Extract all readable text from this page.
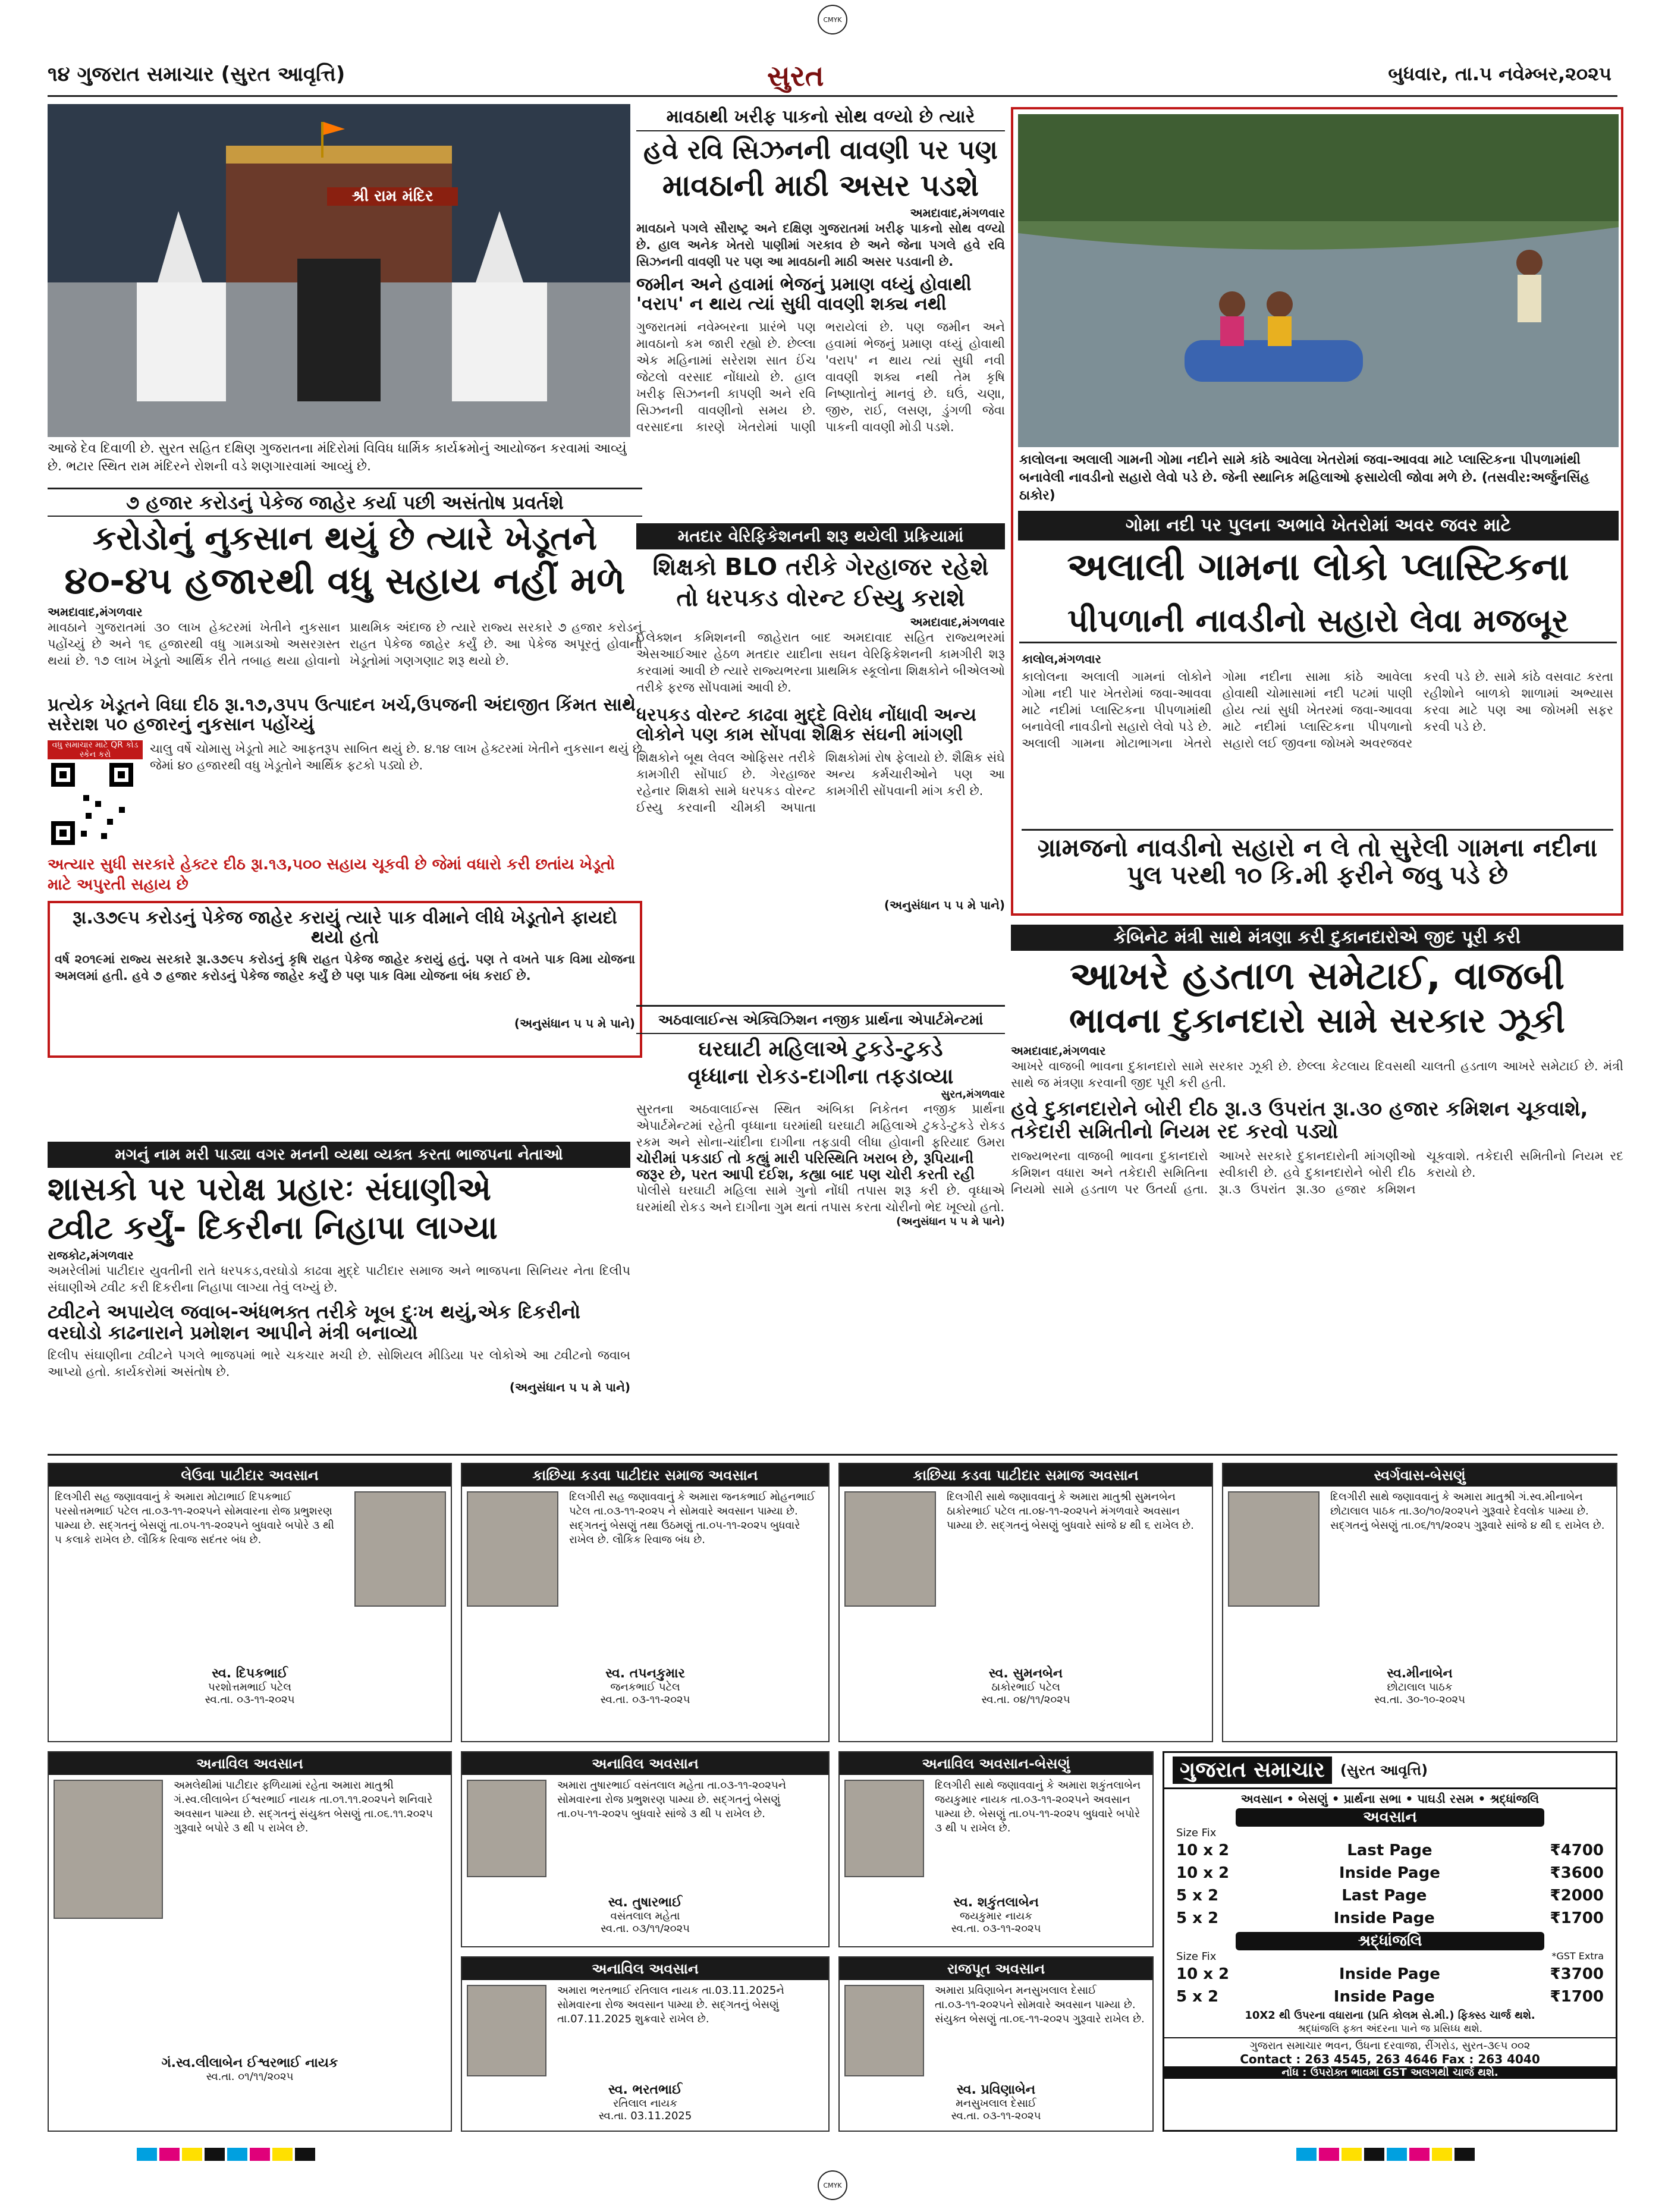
CMYK
૧૪ ગુજરાત સમાચાર (સુરત આવૃત્તિ)	સુરત	બુધવાર, તા.૫ નવેમ્બર,૨૦૨૫
શ્રી રામ મંદિર
આજે દેવ દિવાળી છે. સુરત સહિત દક્ષિણ ગુજરાતના મંદિરોમાં વિવિધ ધાર્મિક કાર્યક્રમોનું આયોજન કરવામાં આવ્યું છે. ભટાર સ્થિત રામ મંદિરને રોશની વડે શણગારવામાં આવ્યું છે.
માવઠાથી ખરીફ પાકનો સોથ વળ્યો છે ત્યારે
હવે રવિ સિઝનની વાવણી પર પણ
માવઠાની માઠી અસર પડશે
અમદાવાદ,મંગળવાર
માવઠાને પગલે સૌરાષ્ટ્ર અને દક્ષિણ ગુજરાતમાં ખરીફ પાકનો સોથ વળ્યો છે. હાલ અનેક ખેતરો પાણીમાં ગરકાવ છે અને જેના પગલે હવે રવિ સિઝનની વાવણી પર પણ આ માવઠાની માઠી અસર પડવાની છે.
જમીન અને હવામાં ભેજનું પ્રમાણ વધ્યું હોવાથી 'વરાપ' ન થાય ત્યાં સુધી વાવણી શક્ય નથી
ગુજરાતમાં નવેમ્બરના પ્રારંભે પણ માવઠાનો કમ જારી રહ્યો છે. છેલ્લા એક મહિનામાં સરેરાશ સાત ઈંચ જેટલો વરસાદ નોંધાયો છે. હાલ ખરીફ સિઝનની કાપણી અને રવિ સિઝનની વાવણીનો સમય છે. વરસાદના કારણે ખેતરોમાં પાણી ભરાયેલાં છે. પણ જમીન અને હવામાં ભેજનું પ્રમાણ વધ્યું હોવાથી 'વરાપ' ન થાય ત્યાં સુધી નવી વાવણી શક્ય નથી તેમ કૃષિ નિષ્ણાતોનું માનવું છે. ઘઉં, ચણા, જીરુ, રાઈ, લસણ, ડુંગળી જેવા પાકની વાવણી મોડી પડશે.
કાલોલના અલાલી ગામની ગોમા નદીને સામે કાંઠે આવેલા ખેતરોમાં જવા-આવવા માટે પ્લાસ્ટિકના પીપળામાંથી બનાવેલી નાવડીનો સહારો લેવો પડે છે. જેની સ્થાનિક મહિલાઓ ફસાયેલી જોવા મળે છે. (તસવીર:અર્જુનસિંહ ઠાકોર)
ગોમા નદી પર પુલના અભાવે ખેતરોમાં અવર જવર માટે
અલાલી ગામના લોકો પ્લાસ્ટિકના
પીપળાની નાવડીનો સહારો લેવા મજબૂર
કાલોલ,મંગળવાર
કાલોલના અલાલી ગામનાં લોકોને ગોમા નદી પાર ખેતરોમાં જવા-આવવા માટે નદીમાં પ્લાસ્ટિકના પીપળામાંથી બનાવેલી નાવડીનો સહારો લેવો પડે છે. અલાલી ગામના મોટાભાગના ખેતરો ગોમા નદીના સામા કાંઠે આવેલા હોવાથી ચોમાસામાં નદી પટમાં પાણી હોય ત્યાં સુધી ખેતરમાં જવા-આવવા માટે નદીમાં પ્લાસ્ટિકના પીપળાનો સહારો લઈ જીવના જોખમે અવરજવર કરવી પડે છે. સામે કાંઠે વસવાટ કરતા રહીશોને બાળકો શાળામાં અભ્યાસ કરવા માટે પણ આ જોખમી સફર કરવી પડે છે.
ગ્રામજનો નાવડીનો સહારો ન લે તો સુરેલી ગામના નદીના પુલ પરથી ૧૦ કિ.મી ફરીને જવુ પડે છે
૭ હજાર કરોડનું પેકેજ જાહેર કર્યા પછી અસંતોષ પ્રવર્તશે
કરોડોનું નુકસાન થયું છે ત્યારે ખેડૂતને
૪૦-૪૫ હજારથી વધુ સહાય નહીં મળે
અમદાવાદ,મંગળવાર
માવઠાને ગુજરાતમાં ૩૦ લાખ હેક્ટરમાં ખેતીને નુકસાન પહોંચ્યું છે અને ૧૬ હજારથી વધુ ગામડાઓ અસરગ્રસ્ત થયાં છે. ૧૭ લાખ ખેડૂતો આર્થિક રીતે તબાહ થયા હોવાનો પ્રાથમિક અંદાજ છે ત્યારે રાજ્ય સરકારે ૭ હજાર કરોડનું રાહત પેકેજ જાહેર કર્યું છે. આ પેકેજ અપૂરતું હોવાનો ખેડૂતોમાં ગણગણાટ શરૂ થયો છે.
પ્રત્યેક ખેડૂતને વિઘા દીઠ રૂા.૧૭,૩૫૫ ઉત્પાદન ખર્ચ,ઉપજની અંદાજીત કિંમત સાથે સરેરાશ ૫૦ હજારનું નુકસાન પહોંચ્યું
વધુ સમાચાર માટે QR કોડ સ્કેન કરો	ચાલુ વર્ષે ચોમાસુ ખેડૂતો માટે આફતરૂપ સાબિત થયું છે. ૪.૧૪ લાખ હેક્ટરમાં ખેતીને નુકસાન થયું છે જેમાં ૪૦ હજારથી વધુ ખેડૂતોને આર્થિક ફટકો પડ્યો છે.
અત્યાર સુધી સરકારે હેક્ટર દીઠ રૂા.૧૩,૫૦૦ સહાય ચૂકવી છે જેમાં વધારો કરી છતાંય ખેડૂતો માટે અપુરતી સહાય છે
રૂા.૩૭૯૫ કરોડનું પેકેજ જાહેર કરાયું ત્યારે પાક વીમાને લીધે ખેડૂતોને ફાયદો થયો હતો
વર્ષ ૨૦૧૯માં રાજ્ય સરકારે રૂા.૩૭૯૫ કરોડનું કૃષિ રાહત પેકેજ જાહેર કરાયું હતું. પણ તે વખતે પાક વિમા યોજના અમલમાં હતી. હવે ૭ હજાર કરોડનું પેકેજ જાહેર કર્યું છે પણ પાક વિમા યોજના બંધ કરાઈ છે.
(અનુસંધાન પ ૫ મે પાને)
મતદાર વેરિફિકેશનની શરૂ થયેલી પ્રક્રિયામાં
શિક્ષકો BLO તરીકે ગેરહાજર રહેશે
તો ધરપકડ વોરન્ટ ઈસ્યુ કરાશે
અમદાવાદ,મંગળવાર
ઈલેક્શન કમિશનની જાહેરાત બાદ અમદાવાદ સહિત રાજ્યભરમાં એસઆઈઆર હેઠળ મતદાર યાદીના સઘન વેરિફિકેશનની કામગીરી શરૂ કરવામાં આવી છે ત્યારે રાજ્યભરના પ્રાથમિક સ્કૂલોના શિક્ષકોને બીએલઓ તરીકે ફરજ સોંપવામાં આવી છે.
ધરપકડ વોરન્ટ કાઢવા મુદ્દે વિરોધ નોંધાવી અન્ય લોકોને પણ કામ સોંપવા શૈક્ષિક સંઘની માંગણી
શિક્ષકોને બૂથ લેવલ ઓફિસર તરીકે કામગીરી સોંપાઈ છે. ગેરહાજર રહેનાર શિક્ષકો સામે ધરપકડ વોરન્ટ ઈસ્યુ કરવાની ચીમકી અપાતા શિક્ષકોમાં રોષ ફેલાયો છે. શૈક્ષિક સંઘે અન્ય કર્મચારીઓને પણ આ કામગીરી સોંપવાની માંગ કરી છે.
(અનુસંધાન પ ૫ મે પાને)
કેબિનેટ મંત્રી સાથે મંત્રણા કરી દુકાનદારોએ જીદ પૂરી કરી
આખરે હડતાળ સમેટાઈ, વાજબી
ભાવના દુકાનદારો સામે સરકાર ઝૂકી
અમદાવાદ,મંગળવાર
આખરે વાજબી ભાવના દુકાનદારો સામે સરકાર ઝૂકી છે. છેલ્લા કેટલાય દિવસથી ચાલતી હડતાળ આખરે સમેટાઈ છે. મંત્રી સાથે જ મંત્રણા કરવાની જીદ પૂરી કરી હતી.
હવે દુકાનદારોને બોરી દીઠ રૂા.૩ ઉપરાંત રૂા.૩૦ હજાર કમિશન ચૂકવાશે, તકેદારી સમિતીનો નિયમ રદ કરવો પડ્યો
રાજ્યભરના વાજબી ભાવના દુકાનદારો કમિશન વધારા અને તકેદારી સમિતિના નિયમો સામે હડતાળ પર ઉતર્યા હતા. આખરે સરકારે દુકાનદારોની માંગણીઓ સ્વીકારી છે. હવે દુકાનદારોને બોરી દીઠ રૂા.૩ ઉપરાંત રૂા.૩૦ હજાર કમિશન ચૂકવાશે. તકેદારી સમિતીનો નિયમ રદ કરાયો છે.
અઠવાલાઈન્સ એક્વિઝિશન નજીક પ્રાર્થના એપાર્ટમેન્ટમાં
ઘરઘાટી મહિલાએ ટુકડે-ટુકડે
વૃધ્ધાના રોકડ-દાગીના તફડાવ્યા
સુરત,મંગળવાર
સુરતના અઠવાલાઈન્સ સ્થિત અંબિકા નિકેતન નજીક પ્રાર્થના એપાર્ટમેન્ટમાં રહેતી વૃધ્ધાના ઘરમાંથી ઘરઘાટી મહિલાએ ટુકડે-ટુકડે રોકડ રકમ અને સોના-ચાંદીના દાગીના તફડાવી લીધા હોવાની ફરિયાદ ઉમરા
ચોરીમાં પકડાઈ તો કહ્યું મારી પરિસ્થિતિ ખરાબ છે, રૂપિયાની જરૂર છે, પરત આપી દઈશ, કહ્યા બાદ પણ ચોરી કરતી રહી
પોલીસે ઘરઘાટી મહિલા સામે ગુનો નોંધી તપાસ શરૂ કરી છે. વૃધ્ધાએ ઘરમાંથી રોકડ અને દાગીના ગુમ થતાં તપાસ કરતા ચોરીનો ભેદ ખૂલ્યો હતો.
(અનુસંધાન પ ૫ મે પાને)
મગનું નામ મરી પાડ્યા વગર મનની વ્યથા વ્યક્ત કરતા ભાજપના નેતાઓ
શાસકો પર પરોક્ષ પ્રહારઃ સંઘાણીએ
ટ્વીટ કર્યું- દિકરીના નિહાપા લાગ્યા
રાજકોટ,મંગળવાર
અમરેલીમાં પાટીદાર યુવતીની રાતે ધરપકડ,વરઘોડો કાઢવા મુદ્દે પાટીદાર સમાજ અને ભાજપના સિનિયર નેતા દિલીપ સંઘાણીએ ટ્વીટ કરી દિકરીના નિહાપા લાગ્યા તેવું લખ્યું છે.
ટ્વીટને અપાયેલ જવાબ-અંધભક્ત તરીકે ખૂબ દુઃખ થયું,એક દિકરીનો વરઘોડો કાઢનારાને પ્રમોશન આપીને મંત્રી બનાવ્યો
દિલીપ સંઘાણીના ટ્વીટને પગલે ભાજપમાં ભારે ચકચાર મચી છે. સોશિયલ મીડિયા પર લોકોએ આ ટ્વીટનો જવાબ આપ્યો હતો. કાર્યકરોમાં અસંતોષ છે.
(અનુસંધાન પ ૫ મે પાને)
લેઉવા પાટીદાર અવસાન
દિલગીરી સહ જણાવવાનું કે અમારા મોટાભાઈ દિપકભાઈ પરસોત્તમભાઈ પટેલ તા.૦૩-૧૧-૨૦૨૫ને સોમવારના રોજ પ્રભુશરણ પામ્યા છે. સદ્ગતનું બેસણું તા.૦૫-૧૧-૨૦૨૫ને બુધવારે બપોરે ૩ થી ૫ કલાકે રાખેલ છે. લૌકિક રિવાજ સદંતર બંધ છે.
સ્વ. દિપકભાઈ
પરશોત્તમભાઈ પટેલ
સ્વ.તા. ૦૩-૧૧-૨૦૨૫
કાછિયા કડવા પાટીદાર સમાજ અવસાન
દિલગીરી સહ જણાવવાનું કે અમારા જનકભાઈ મોહનભાઈ પટેલ તા.૦૩-૧૧-૨૦૨૫ ને સોમવારે અવસાન પામ્યા છે. સદ્ગતનું બેસણું તથા ઉઠમણું તા.૦૫-૧૧-૨૦૨૫ બુધવારે રાખેલ છે. લૌકિક રિવાજ બંધ છે.
સ્વ. તપનકુમાર
જનકભાઈ પટેલ
સ્વ.તા. ૦૩-૧૧-૨૦૨૫
કાછિયા કડવા પાટીદાર સમાજ અવસાન
દિલગીરી સાથે જણાવવાનું કે અમારા માતુશ્રી સુમનબેન ઠાકોરભાઈ પટેલ તા.૦૪-૧૧-૨૦૨૫ને મંગળવારે અવસાન પામ્યા છે. સદ્ગતનું બેસણું બુધવારે સાંજે ૪ થી ૬ રાખેલ છે.
સ્વ. સુમનબેન
ઠાકોરભાઈ પટેલ
સ્વ.તા. ૦૪/૧૧/૨૦૨૫
સ્વર્ગવાસ-બેસણું
દિલગીરી સાથે જણાવવાનું કે અમારા માતુશ્રી ગં.સ્વ.મીનાબેન છોટાલાલ પાઠક તા.૩૦/૧૦/૨૦૨૫ને ગુરૂવારે દેવલોક પામ્યા છે. સદ્ગતનું બેસણું તા.૦૬/૧૧/૨૦૨૫ ગુરૂવારે સાંજે ૪ થી ૬ રાખેલ છે.
સ્વ.મીનાબેન
છોટાલાલ પાઠક
સ્વ.તા. ૩૦-૧૦-૨૦૨૫
અનાવિલ અવસાન
અમલેથીમાં પાટીદાર ફળિયામાં રહેતા અમારા માતુશ્રી ગં.સ્વ.લીલાબેન ઈશ્વરભાઈ નાયક તા.૦૧.૧૧.૨૦૨૫ને શનિવારે અવસાન પામ્યા છે. સદ્ગતનું સંયુક્ત બેસણું તા.૦૬.૧૧.૨૦૨૫ ગુરૂવારે બપોરે ૩ થી ૫ રાખેલ છે.
ગં.સ્વ.લીલાબેન ઈશ્વરભાઈ નાયક
સ્વ.તા. ૦૧/૧૧/૨૦૨૫
અનાવિલ અવસાન
અમારા તુષારભાઈ વસંતલાલ મહેતા તા.૦૩-૧૧-૨૦૨૫ને સોમવારના રોજ પ્રભુશરણ પામ્યા છે. સદ્ગતનું બેસણું તા.૦૫-૧૧-૨૦૨૫ બુધવારે સાંજે ૩ થી ૫ રાખેલ છે.
સ્વ. તુષારભાઈ
વસંતલાલ મહેતા
સ્વ.તા. ૦૩/૧૧/૨૦૨૫
અનાવિલ અવસાન-બેસણું
દિલગીરી સાથે જણાવવાનું કે અમારા શકુંતલાબેન જયકુમાર નાયક તા.૦૩-૧૧-૨૦૨૫ને અવસાન પામ્યા છે. બેસણું તા.૦૫-૧૧-૨૦૨૫ બુધવારે બપોરે ૩ થી ૫ રાખેલ છે.
સ્વ. શકુંતલાબેન
જયકુમાર નાયક
સ્વ.તા. ૦૩-૧૧-૨૦૨૫
અનાવિલ અવસાન
અમારા ભરતભાઈ રતિલાલ નાયક તા.03.11.2025ને સોમવારના રોજ અવસાન પામ્યા છે. સદ્ગતનું બેસણું તા.07.11.2025 શુક્રવારે રાખેલ છે.
સ્વ. ભરતભાઈ
રતિલાલ નાયક
સ્વ.તા. 03.11.2025
રાજપૂત અવસાન
અમારા પ્રવિણાબેન મનસુખલાલ દેસાઈ તા.૦૩-૧૧-૨૦૨૫ને સોમવારે અવસાન પામ્યા છે. સંયુક્ત બેસણું તા.૦૬-૧૧-૨૦૨૫ ગુરૂવારે રાખેલ છે.
સ્વ. પ્રવિણાબેન
મનસુખલાલ દેસાઈ
સ્વ.તા. ૦૩-૧૧-૨૦૨૫
ગુજરાત સમાચાર	(સુરત આવૃત્તિ)
અવસાન • બેસણું • પ્રાર્થના સભા • પાઘડી રસમ • શ્રદ્ધાંજલિ
અવસાન
Size Fix
10 x 2	Last Page	₹4700
10 x 2	Inside Page	₹3600
5 x 2	Last Page	₹2000
5 x 2	Inside Page	₹1700
શ્રદ્ધાંજલિ
Size Fix	*GST Extra
10 x 2	Inside Page	₹3700
5 x 2	Inside Page	₹1700
10X2 થી ઉપરના વધારાના (પ્રતિ કોલમ સે.મી.) ફિક્સ્ડ ચાર્જ થશે.
શ્રદ્ધાંજલિ ફક્ત અંદરના પાને જ પ્રસિધ્ધ થશે.
ગુજરાત સમાચાર ભવન, ઉધના દરવાજા, રીંગરોડ, સુરત-૩૯૫ ૦૦૨
Contact : 263 4545, 263 4646 Fax : 263 4040
નોંધ : ઉપરોક્ત ભાવમાં GST અલગથી ચાર્જ થશે.
CMYK
